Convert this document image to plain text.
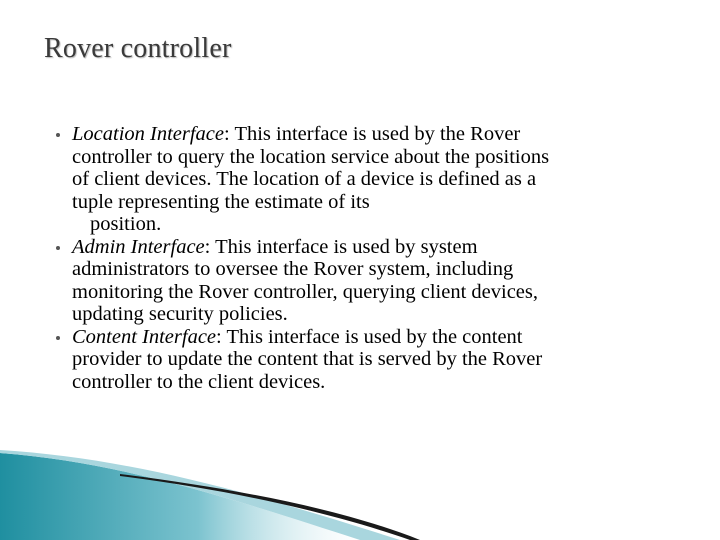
Rover controller
Location Interface: This interface is used by the Rover
controller to query the location service about the positions
of client devices. The location of a device is defined as a
tuple representing the estimate of its
position.
Admin Interface: This interface is used by system
administrators to oversee the Rover system, including
monitoring the Rover controller, querying client devices,
updating security policies.
Content Interface: This interface is used by the content
provider to update the content that is served by the Rover
controller to the client devices.
